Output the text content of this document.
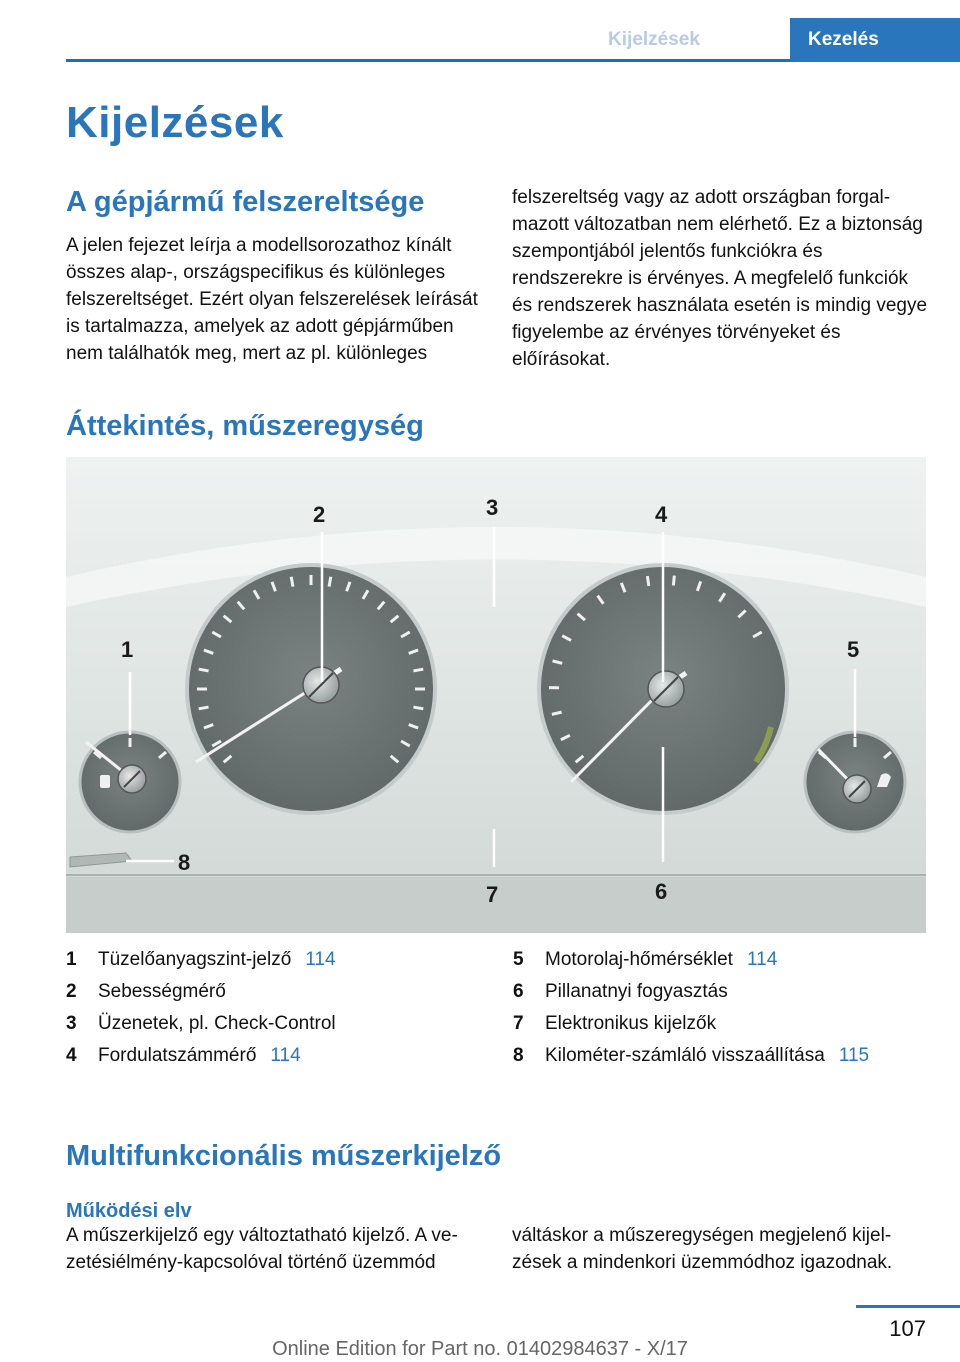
Kijelzések	Kezelés
Kijelzések
A gépjármű felszereltsége

A jelen fejezet leírja a modellsorozathoz kínált összes alap-, országspecifikus és különleges felszereltséget. Ezért olyan felszerelések leírását is tartalmazza, amelyek az adott gépjárműben nem találhatók meg, mert az pl. különleges

felszereltség vagy az adott országban forgalmazott változatban nem elérhető. Ez a biztonság szempontjából jelentős funkciókra és rendszerekre is érvényes. A megfelelő funkciók és rendszerek használata esetén is mindig vegye figyelembe az érvényes törvényeket és előírásokat.

Áttekintés, műszeregység
1
2	3	4
5
6
7
8
1	Tüzelőanyagszint-jelző 114
2	Sebességmérő
3	Üzenetek, pl. Check-Control
4	Fordulatszámmérő 114
5	Motorolaj-hőmérséklet 114
6	Pillanatnyi fogyasztás
7	Elektronikus kijelzők
8	Kilométer-számláló visszaállítása 115
Multifunkcionális műszerkijelző
Működési elv

A műszerkijelző egy változtatható kijelző. A vezetésiélmény-kapcsolóval történő üzemmód

váltáskor a műszeregységen megjelenő kijelzések a mindenkori üzemmódhoz igazodnak.

107
Online Edition for Part no. 01402984637 - X/17
